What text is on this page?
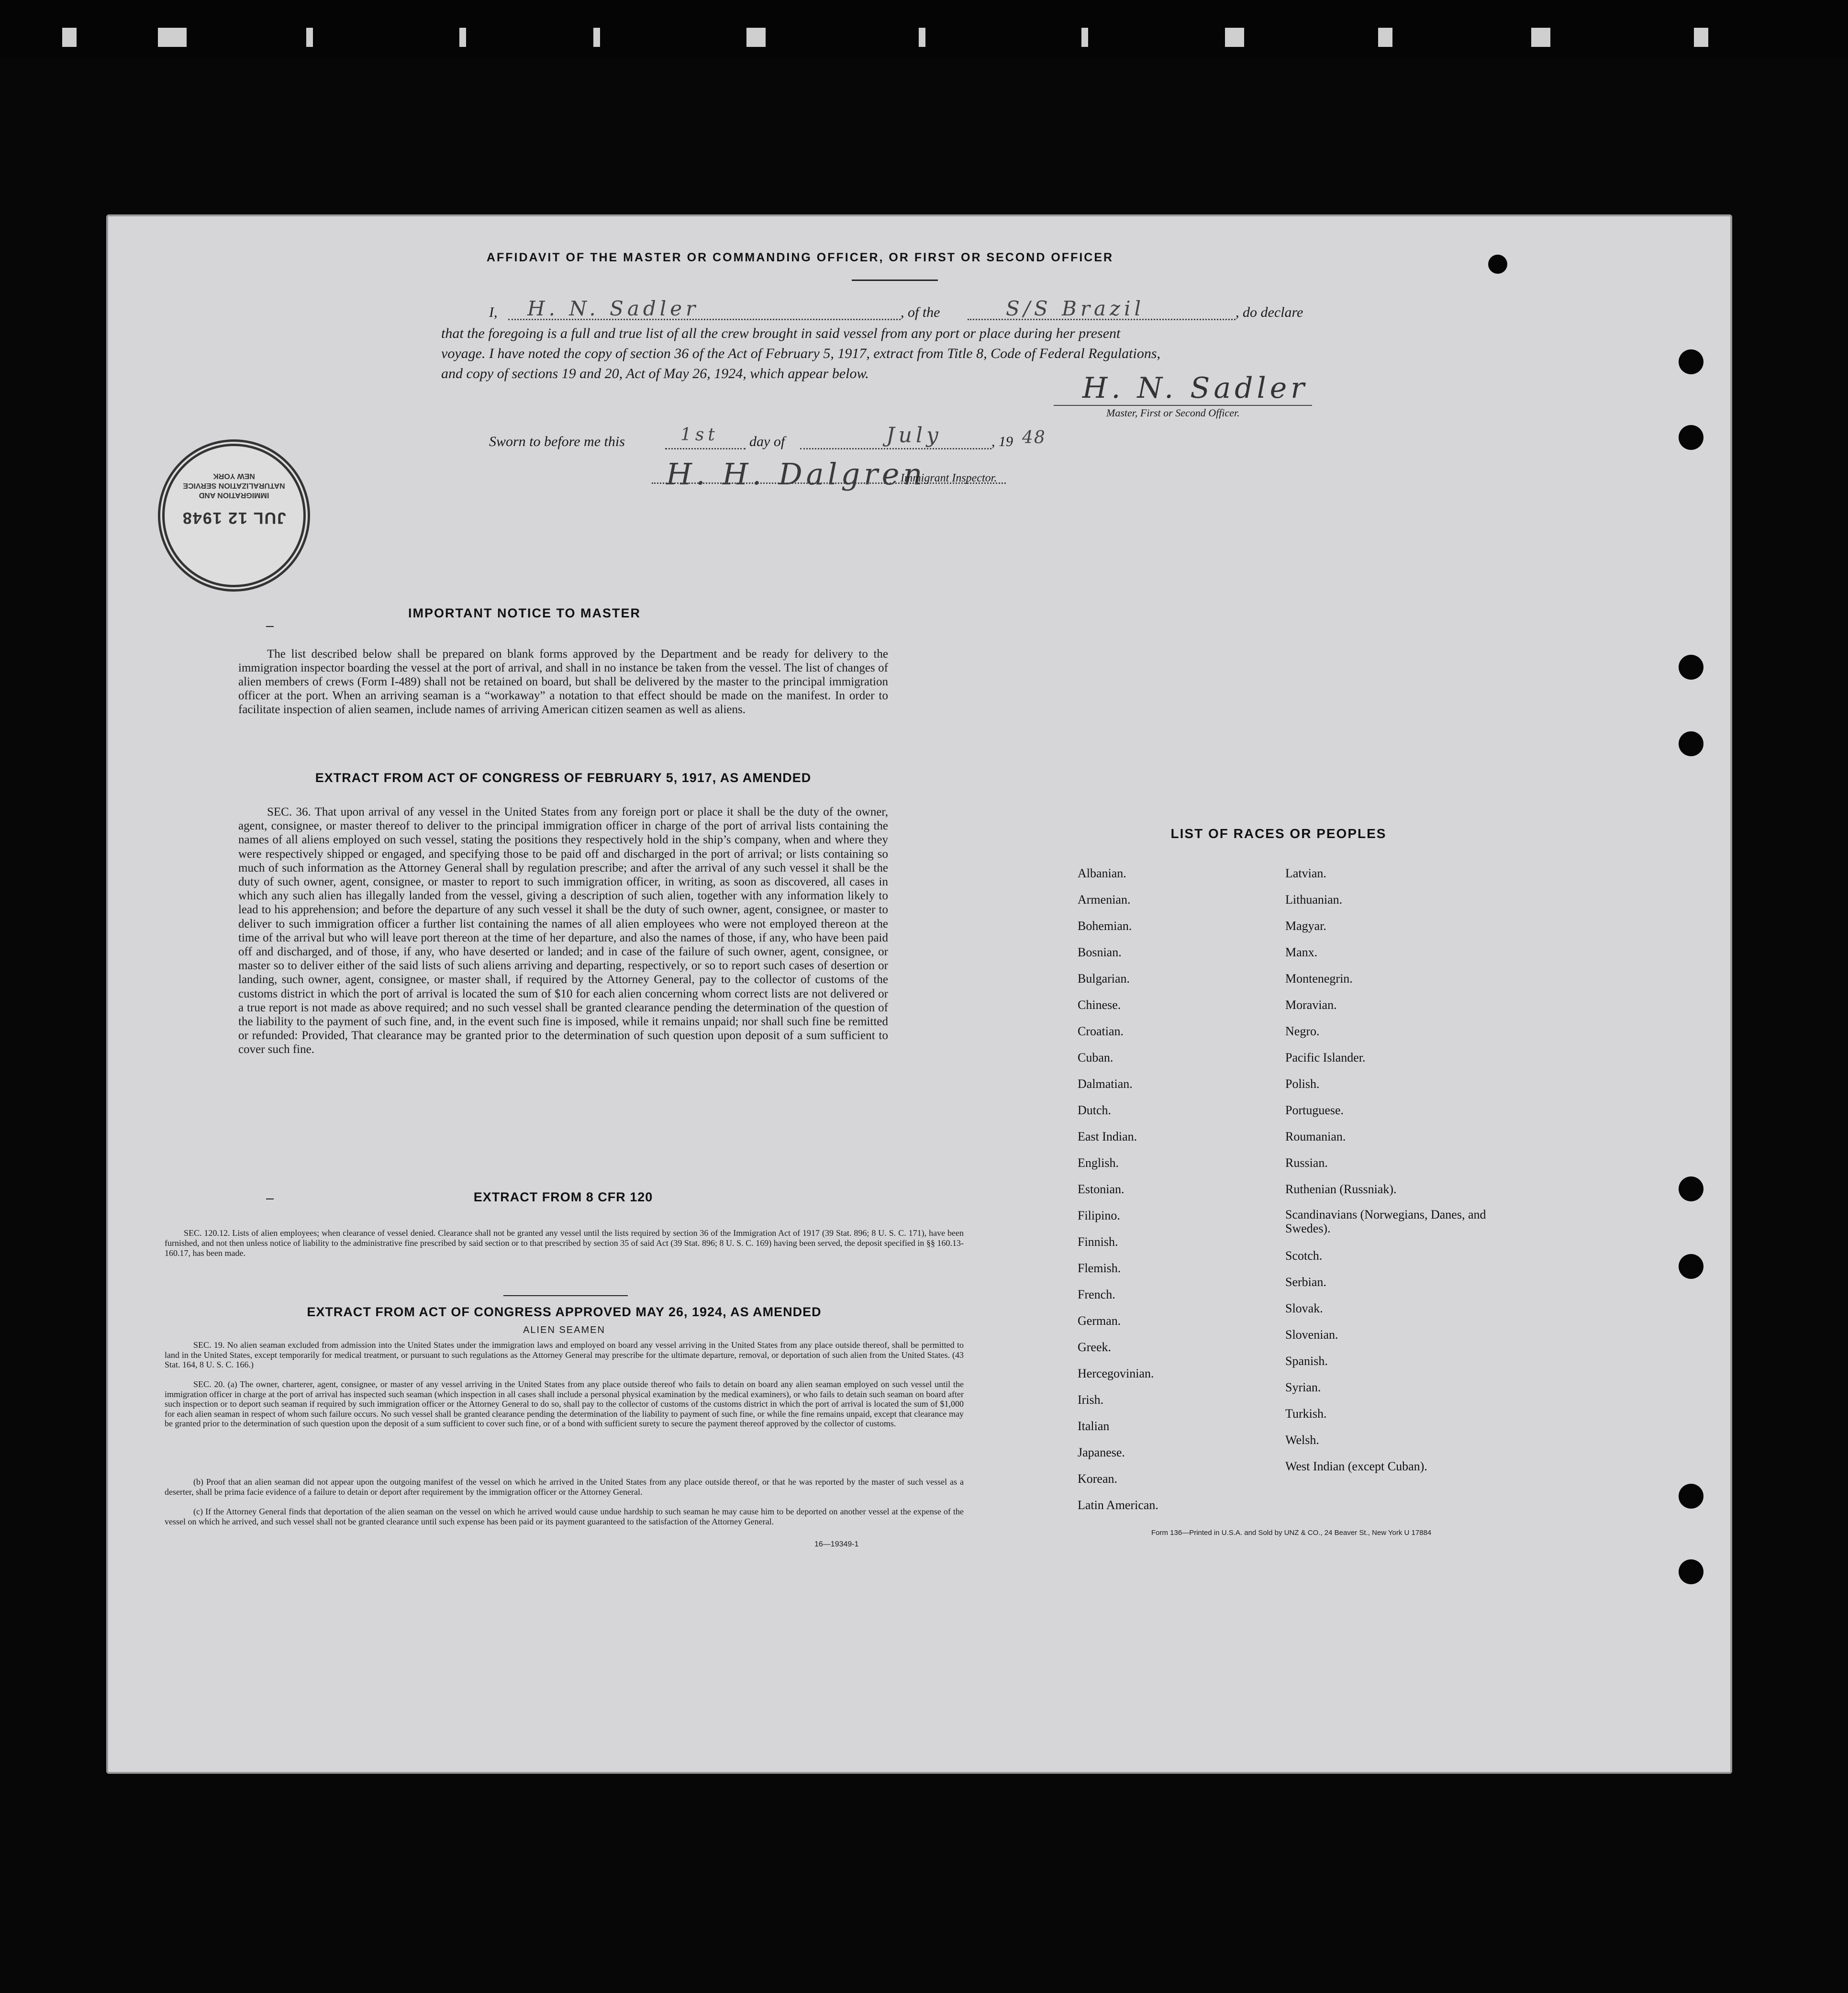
AFFIDAVIT OF THE MASTER OR COMMANDING OFFICER, OR FIRST OR SECOND OFFICER
I, H. N. Sadler	, of the	S/S Brazil	, do declare
that the foregoing is a full and true list of all the crew brought in said vessel from any port or place during her present
voyage. I have noted the copy of section 36 of the Act of February 5, 1917, extract from Title 8, Code of Federal Regulations,
and copy of sections 19 and 20, Act of May 26, 1924, which appear below.	H. N. Sadler
Master, First or Second Officer.
Sworn to before me this	1st day of	July	, 19 48
H. H. Dalgren
Immigrant Inspector.
IMPORTANT NOTICE TO MASTER
The list described below shall be prepared on blank forms approved by the Department and be ready for delivery to the immigration inspector boarding the vessel at the port of arrival, and shall in no instance be taken from the vessel. The list of changes of alien members of crews (Form I-489) shall not be retained on board, but shall be delivered by the master to the principal immigration officer at the port. When an arriving seaman is a “workaway” a notation to that effect should be made on the manifest. In order to facilitate inspection of alien seamen, include names of arriving American citizen seamen as well as aliens.
EXTRACT FROM ACT OF CONGRESS OF FEBRUARY 5, 1917, AS AMENDED
SEC. 36. That upon arrival of any vessel in the United States from any foreign port or place it shall be the duty of the owner, agent, consignee, or master thereof to deliver to the principal immigration officer in charge of the port of arrival lists containing the names of all aliens employed on such vessel, stating the positions they respectively hold in the ship’s company, when and where they were respectively shipped or engaged, and specifying those to be paid off and discharged in the port of arrival; or lists containing so much of such information as the Attorney General shall by regulation prescribe; and after the arrival of any such vessel it shall be the duty of such owner, agent, consignee, or master to report to such immigration officer, in writing, as soon as discovered, all cases in which any such alien has illegally landed from the vessel, giving a description of such alien, together with any information likely to lead to his apprehension; and before the departure of any such vessel it shall be the duty of such owner, agent, consignee, or master to deliver to such immigration officer a further list containing the names of all alien employees who were not employed thereon at the time of the arrival but who will leave port thereon at the time of her departure, and also the names of those, if any, who have been paid off and discharged, and of those, if any, who have deserted or landed; and in case of the failure of such owner, agent, consignee, or master so to deliver either of the said lists of such aliens arriving and departing, respectively, or so to report such cases of desertion or landing, such owner, agent, consignee, or master shall, if required by the Attorney General, pay to the collector of customs of the customs district in which the port of arrival is located the sum of $10 for each alien concerning whom correct lists are not delivered or a true report is not made as above required; and no such vessel shall be granted clearance pending the determination of the question of the liability to the payment of such fine, and, in the event such fine is imposed, while it remains unpaid; nor shall such fine be remitted or refunded: Provided, That clearance may be granted prior to the determination of such question upon deposit of a sum sufficient to cover such fine.
EXTRACT FROM 8 CFR 120
SEC. 120.12. Lists of alien employees; when clearance of vessel denied. Clearance shall not be granted any vessel until the lists required by section 36 of the Immigration Act of 1917 (39 Stat. 896; 8 U. S. C. 171), have been furnished, and not then unless notice of liability to the administrative fine prescribed by said section or to that prescribed by section 35 of said Act (39 Stat. 896; 8 U. S. C. 169) having been served, the deposit specified in §§ 160.13-160.17, has been made.
EXTRACT FROM ACT OF CONGRESS APPROVED MAY 26, 1924, AS AMENDED
ALIEN SEAMEN
SEC. 19. No alien seaman excluded from admission into the United States under the immigration laws and employed on board any vessel arriving in the United States from any place outside thereof, shall be permitted to land in the United States, except temporarily for medical treatment, or pursuant to such regulations as the Attorney General may prescribe for the ultimate departure, removal, or deportation of such alien from the United States. (43 Stat. 164, 8 U. S. C. 166.)
SEC. 20. (a) The owner, charterer, agent, consignee, or master of any vessel arriving in the United States from any place outside thereof who fails to detain on board any alien seaman employed on such vessel until the immigration officer in charge at the port of arrival has inspected such seaman (which inspection in all cases shall include a personal physical examination by the medical examiners), or who fails to detain such seaman on board after such inspection or to deport such seaman if required by such immigration officer or the Attorney General to do so, shall pay to the collector of customs of the customs district in which the port of arrival is located the sum of $1,000 for each alien seaman in respect of whom such failure occurs. No such vessel shall be granted clearance pending the determination of the liability to payment of such fine, or while the fine remains unpaid, except that clearance may be granted prior to the determination of such question upon the deposit of a sum sufficient to cover such fine, or of a bond with sufficient surety to secure the payment thereof approved by the collector of customs.
(b) Proof that an alien seaman did not appear upon the outgoing manifest of the vessel on which he arrived in the United States from any place outside thereof, or that he was reported by the master of such vessel as a deserter, shall be prima facie evidence of a failure to detain or deport after requirement by the immigration officer or the Attorney General.
(c) If the Attorney General finds that deportation of the alien seaman on the vessel on which he arrived would cause undue hardship to such seaman he may cause him to be deported on another vessel at the expense of the vessel on which he arrived, and such vessel shall not be granted clearance until such expense has been paid or its payment guaranteed to the satisfaction of the Attorney General.
16—19349-1
IMMIGRATION AND NATURALIZATION SERVICE NEW YORK
JUL 12 1948
LIST OF RACES OR PEOPLES
Albanian.
Armenian.
Bohemian.
Bosnian.
Bulgarian.
Chinese.
Croatian.
Cuban.
Dalmatian.
Dutch.
East Indian.
English.
Estonian.
Filipino.
Finnish.
Flemish.
French.
German.
Greek.
Hercegovinian.
Irish.
Italian
Japanese.
Korean.
Latin American.
Latvian.
Lithuanian.
Magyar.
Manx.
Montenegrin.
Moravian.
Negro.
Pacific Islander.
Polish.
Portuguese.
Roumanian.
Russian.
Ruthenian (Russniak).
Scandinavians (Norwegians, Danes, and Swedes).
Scotch.
Serbian.
Slovak.
Slovenian.
Spanish.
Syrian.
Turkish.
Welsh.
West Indian (except Cuban).
Form 136—Printed in U.S.A. and Sold by UNZ & CO., 24 Beaver St., New York U 17884
